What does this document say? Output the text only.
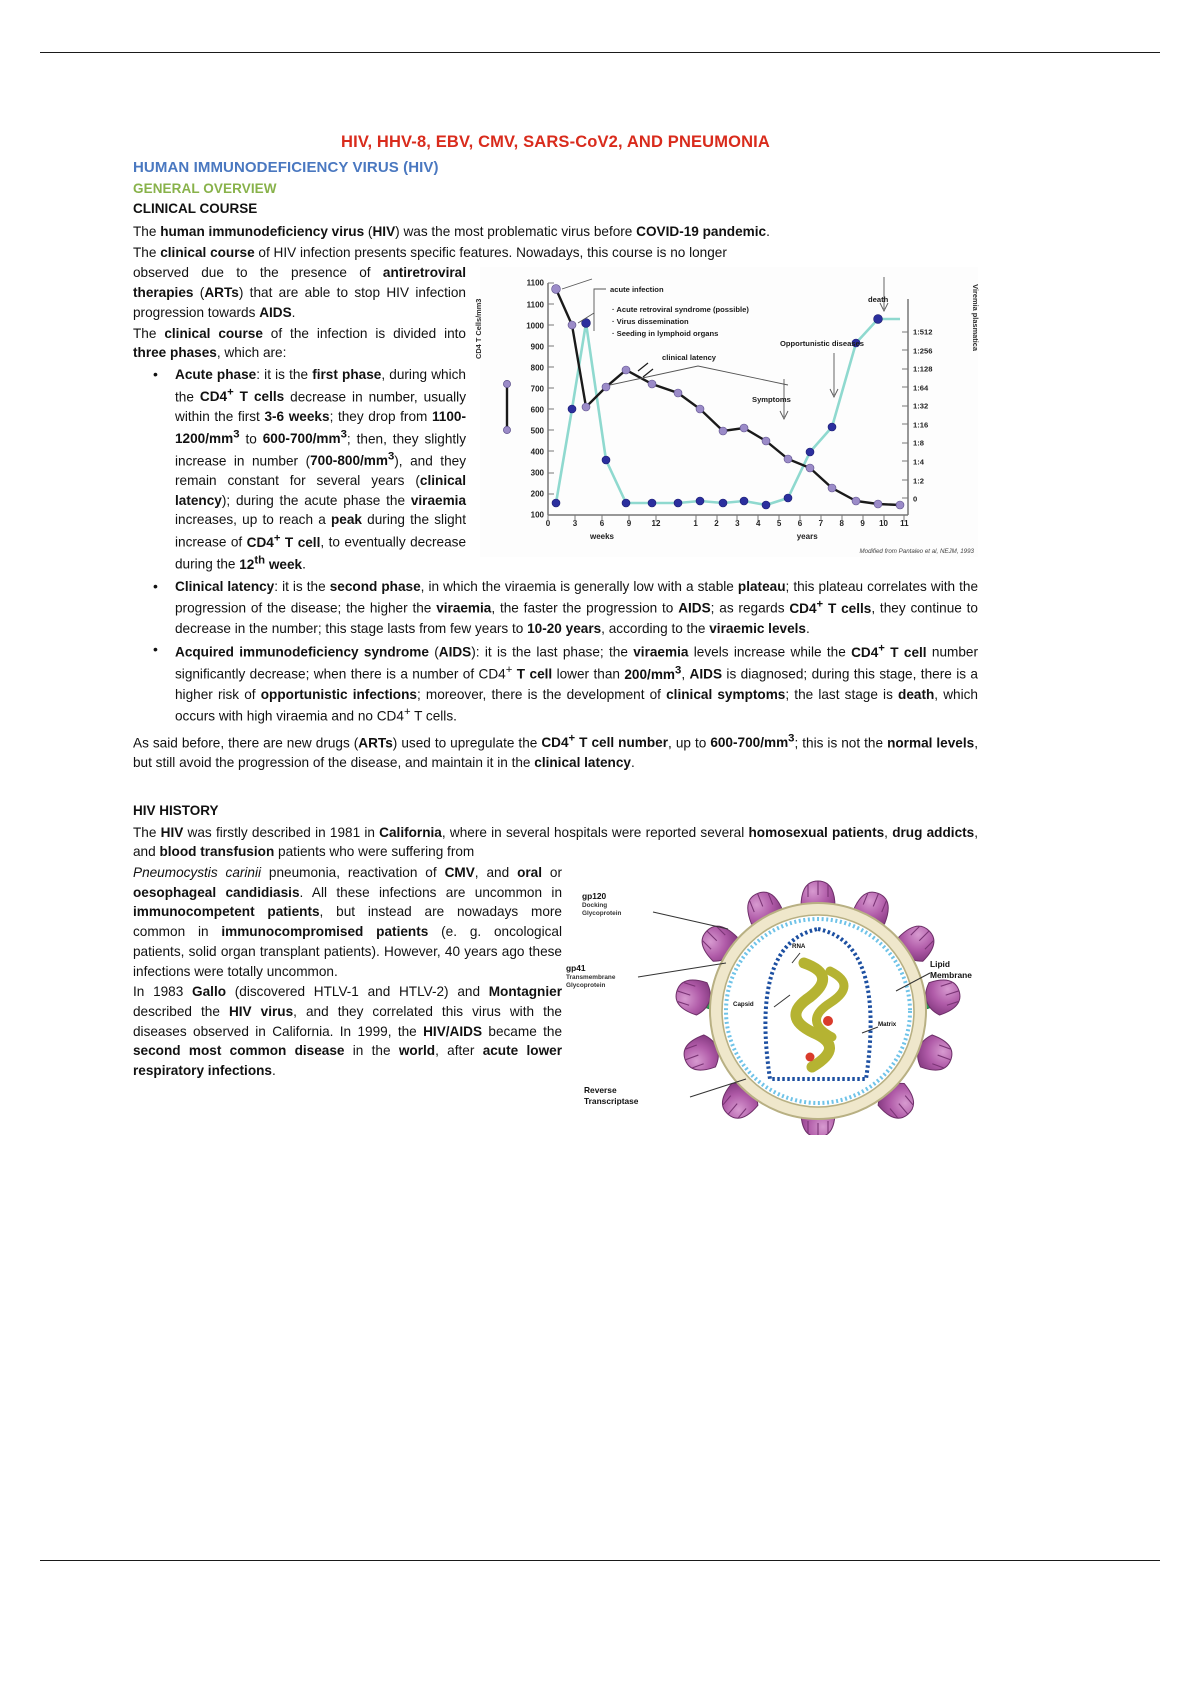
HIV, HHV-8, EBV, CMV, SARS-CoV2, AND PNEUMONIA
HUMAN IMMUNODEFICIENCY VIRUS (HIV)
GENERAL OVERVIEW
CLINICAL COURSE

The human immunodeficiency virus (HIV) was the most problematic virus before COVID-19 pandemic.

The clinical course of HIV infection presents specific features. Nowadays, this course is no longer

CD4 T Cells/mm3	Viremia plasmatica
1100
1100
1000
900
800
700
600
500
400
300
200
100
1:512
1:256
1:128
1:64
1:32
1:16
1:8
1:4
1:2
0
0	3	6	9	12
weeks
1 2 3 4 5 6 7 8 9 10 11
years
acute infection
· Acute retroviral syndrome (possible)
· Virus dissemination
· Seeding in lymphoid organs
clinical latency
Opportunistic diseases
Symptoms
death
Modified from Pantaleo et al, NEJM, 1993

observed due to the presence of antiretroviral therapies (ARTs) that are able to stop HIV infection progression towards AIDS.

The clinical course of the infection is divided into three phases, which are:

• Acute phase: it is the first phase, during which the CD4+ T cells decrease in number, usually within the first 3-6 weeks; they drop from $1100-1200/mm^3$ to $600-700/mm^3$; then, they slightly increase in number $(700-800/mm^3)$, and they remain constant for several years (clinical latency); during the acute phase the viraemia increases, up to reach a peak during the slight increase of CD4+ T cell, to eventually decrease during the 12th week.
• Clinical latency: it is the second phase, in which the viraemia is generally low with a stable plateau; this plateau correlates with the progression of the disease; the higher the viraemia, the faster the progression to AIDS; as regards CD4+ T cells, they continue to decrease in the number; this stage lasts from few years to 10-20 years, according to the viraemic levels.
• Acquired immunodeficiency syndrome (AIDS): it is the last phase; the viraemia levels increase while the CD4+ T cell number significantly decrease; when there is a number of CD4+ T cell lower than $200/mm^3$, AIDS is diagnosed; during this stage, there is a higher risk of opportunistic infections; moreover, there is the development of clinical symptoms; the last stage is death, which occurs with high viraemia and no CD4+ T cells.

As said before, there are new drugs (ARTs) used to upregulate the CD4+ T cell number, up to $600-700/mm^3$; this is not the normal levels, but still avoid the progression of the disease, and maintain it in the clinical latency.

HIV HISTORY

The HIV was firstly described in 1981 in California, where in several hospitals were reported several homosexual patients, drug addicts, and blood transfusion patients who were suffering from

gp120
Docking
Glycoprotein
gp41
Transmembrane
Glycoprotein
Lipid
Membrane
Reverse
Transcriptase
RNA
Capsid
Matrix

Pneumocystis carinii pneumonia, reactivation of CMV, and oral or oesophageal candidiasis. All these infections are uncommon in immunocompetent patients, but instead are nowadays more common in immunocompromised patients (e. g. oncological patients, solid organ transplant patients). However, 40 years ago these infections were totally uncommon.

In 1983 Gallo (discovered HTLV-1 and HTLV-2) and Montagnier described the HIV virus, and they correlated this virus with the diseases observed in California. In 1999, the HIV/AIDS became the second most common disease in the world, after acute lower respiratory infections.
